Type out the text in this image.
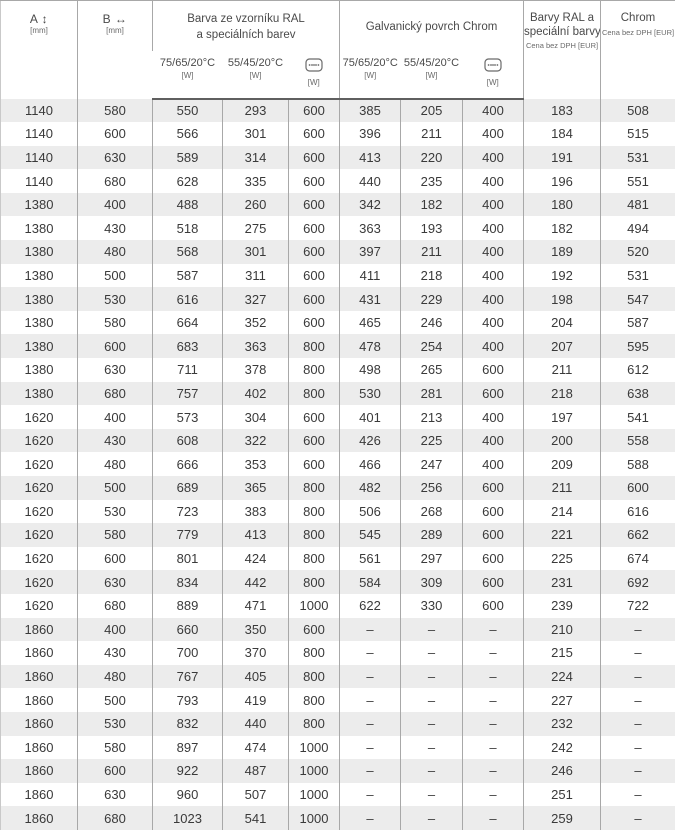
A ↕
[mm]

B ↔
[mm]

Barva ze vzorníku RAL
a speciálních barev

Galvanický povrch Chrom

Barvy RAL a
speciální barvy
Cena bez DPH [EUR]

Chrom
Cena bez DPH [EUR]

75/65/20°C
[W]

55/45/20°C
[W]

[W]

75/65/20°C
[W]

55/45/20°C
[W]

[W]

1140	580	550	293	600	385	205	400	183	508
1140	600	566	301	600	396	211	400	184	515
1140	630	589	314	600	413	220	400	191	531
1140	680	628	335	600	440	235	400	196	551
1380	400	488	260	600	342	182	400	180	481
1380	430	518	275	600	363	193	400	182	494
1380	480	568	301	600	397	211	400	189	520
1380	500	587	311	600	411	218	400	192	531
1380	530	616	327	600	431	229	400	198	547
1380	580	664	352	600	465	246	400	204	587
1380	600	683	363	800	478	254	400	207	595
1380	630	711	378	800	498	265	600	211	612
1380	680	757	402	800	530	281	600	218	638
1620	400	573	304	600	401	213	400	197	541
1620	430	608	322	600	426	225	400	200	558
1620	480	666	353	600	466	247	400	209	588
1620	500	689	365	800	482	256	600	211	600
1620	530	723	383	800	506	268	600	214	616
1620	580	779	413	800	545	289	600	221	662
1620	600	801	424	800	561	297	600	225	674
1620	630	834	442	800	584	309	600	231	692
1620	680	889	471	1000	622	330	600	239	722
1860	400	660	350	600	–	–	–	210	–
1860	430	700	370	800	–	–	–	215	–
1860	480	767	405	800	–	–	–	224	–
1860	500	793	419	800	–	–	–	227	–
1860	530	832	440	800	–	–	–	232	–
1860	580	897	474	1000	–	–	–	242	–
1860	600	922	487	1000	–	–	–	246	–
1860	630	960	507	1000	–	–	–	251	–
1860	680	1023	541	1000	–	–	–	259	–
